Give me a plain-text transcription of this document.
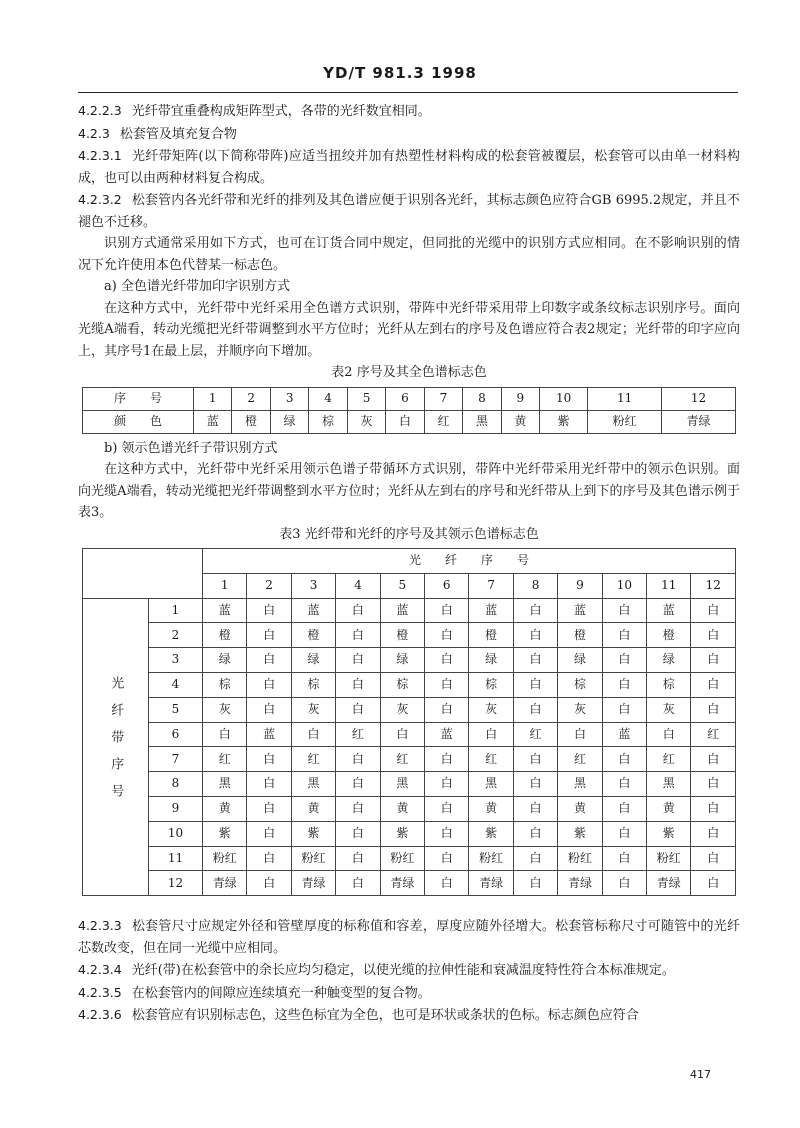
YD/T 981.3 1998

4.2.2.3 光纤带宜重叠构成矩阵型式，各带的光纤数宜相同。

4.2.3 松套管及填充复合物

4.2.3.1 光纤带矩阵(以下简称带阵)应适当扭绞并加有热塑性材料构成的松套管被覆层，松套管可以由单一材料构成，也可以由两种材料复合构成。

4.2.3.2 松套管内各光纤带和光纤的排列及其色谱应便于识别各光纤，其标志颜色应符合GB 6995.2规定，并且不褪色不迁移。

识别方式通常采用如下方式，也可在订货合同中规定，但同批的光缆中的识别方式应相同。在不影响识别的情况下允许使用本色代替某一标志色。

a) 全色谱光纤带加印字识别方式

在这种方式中，光纤带中光纤采用全色谱方式识别，带阵中光纤带采用带上印数字或条纹标志识别序号。面向光缆A端看，转动光缆把光纤带调整到水平方位时；光纤从左到右的序号及色谱应符合表2规定；光纤带的印字应向上，其序号1在最上层，并顺序向下增加。

表2 序号及其全色谱标志色

序　　号	1	2	3	4	5	6	7	8	9	10	11	12
颜　　色	蓝	橙	绿	棕	灰	白	红	黑	黄	紫	粉红	青绿

b) 领示色谱光纤子带识别方式

在这种方式中，光纤带中光纤采用领示色谱子带循环方式识别，带阵中光纤带采用光纤带中的领示色识别。面向光缆A端看，转动光缆把光纤带调整到水平方位时；光纤从左到右的序号和光纤带从上到下的序号及其色谱示例于表3。

表3 光纤带和光纤的序号及其领示色谱标志色

		光　　纤　　序　　号											
		1	2	3	4	5	6	7	8	9	10	11	12
光纤带序号	1	蓝	白	蓝	白	蓝	白	蓝	白	蓝	白	蓝	白
	2	橙	白	橙	白	橙	白	橙	白	橙	白	橙	白
	3	绿	白	绿	白	绿	白	绿	白	绿	白	绿	白
	4	棕	白	棕	白	棕	白	棕	白	棕	白	棕	白
	5	灰	白	灰	白	灰	白	灰	白	灰	白	灰	白
	6	白	蓝	白	红	白	蓝	白	红	白	蓝	白	红
	7	红	白	红	白	红	白	红	白	红	白	红	白
	8	黑	白	黑	白	黑	白	黑	白	黑	白	黑	白
	9	黄	白	黄	白	黄	白	黄	白	黄	白	黄	白
	10	紫	白	紫	白	紫	白	紫	白	紫	白	紫	白
	11	粉红	白	粉红	白	粉红	白	粉红	白	粉红	白	粉红	白
	12	青绿	白	青绿	白	青绿	白	青绿	白	青绿	白	青绿	白

4.2.3.3 松套管尺寸应规定外径和管壁厚度的标称值和容差，厚度应随外径增大。松套管标称尺寸可随管中的光纤芯数改变，但在同一光缆中应相同。

4.2.3.4 光纤(带)在松套管中的余长应均匀稳定，以使光缆的拉伸性能和衰减温度特性符合本标准规定。

4.2.3.5 在松套管内的间隙应连续填充一种触变型的复合物。

4.2.3.6 松套管应有识别标志色，这些色标宜为全色，也可是环状或条状的色标。标志颜色应符合

417
